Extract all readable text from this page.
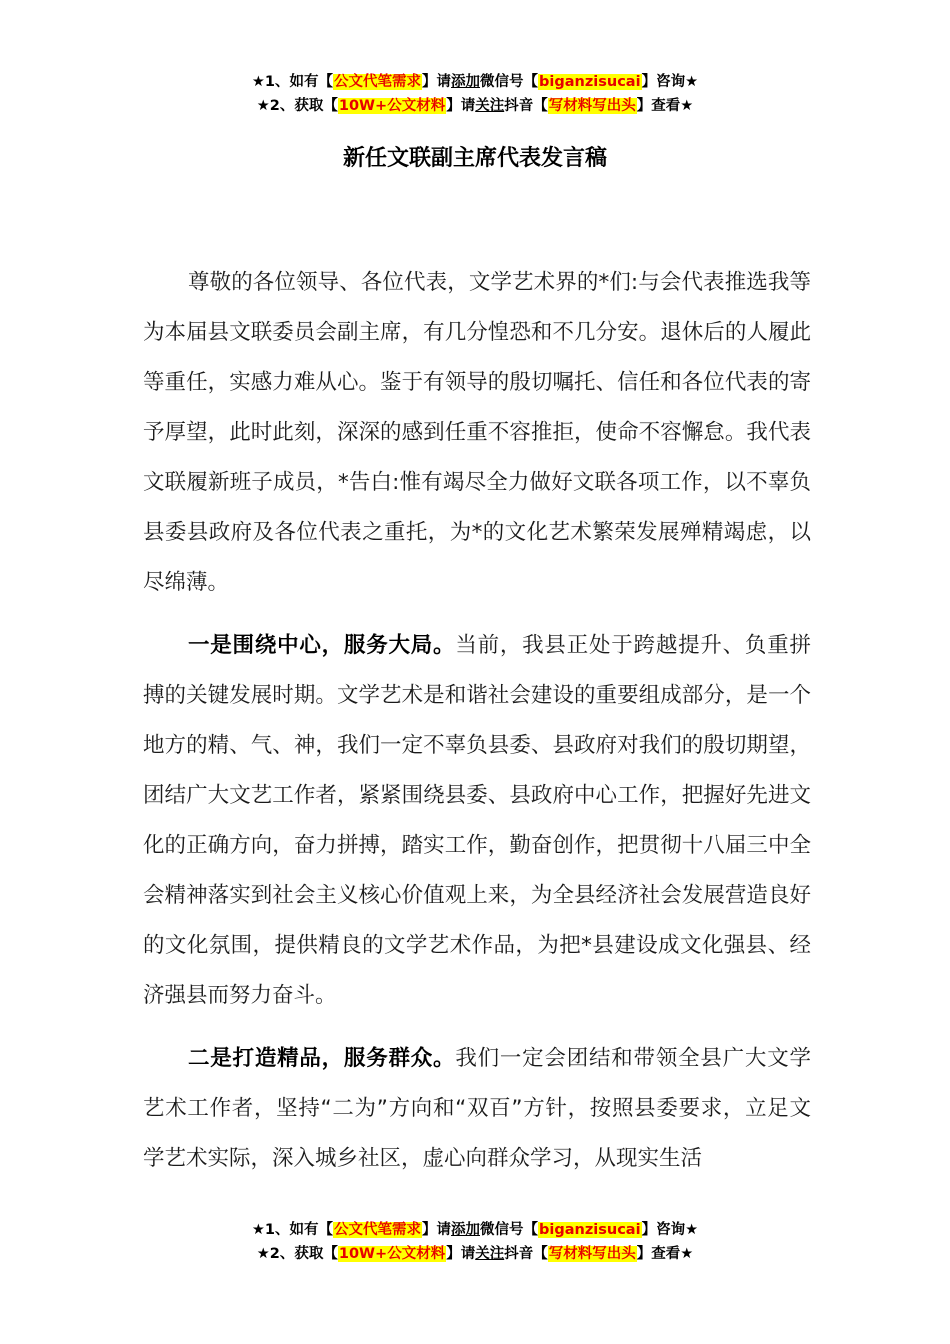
★1、如有【公文代笔需求】请添加微信号【biganzisucai】咨询★
★2、获取【10W+公文材料】请关注抖音【写材料写出头】查看★
新任文联副主席代表发言稿

尊敬的各位领导、各位代表，文学艺术界的*们:与会代表推选我等为本届县文联委员会副主席，有几分惶恐和不几分安。退休后的人履此等重任，实感力难从心。鉴于有领导的殷切嘱托、信任和各位代表的寄予厚望，此时此刻，深深的感到任重不容推拒，使命不容懈怠。我代表文联履新班子成员，*告白:惟有竭尽全力做好文联各项工作，以不辜负县委县政府及各位代表之重托，为*的文化艺术繁荣发展殚精竭虑，以尽绵薄。

一是围绕中心，服务大局。当前，我县正处于跨越提升、负重拼搏的关键发展时期。文学艺术是和谐社会建设的重要组成部分，是一个地方的精、气、神，我们一定不辜负县委、县政府对我们的殷切期望，团结广大文艺工作者，紧紧围绕县委、县政府中心工作，把握好先进文化的正确方向，奋力拼搏，踏实工作，勤奋创作，把贯彻十八届三中全会精神落实到社会主义核心价值观上来，为全县经济社会发展营造良好的文化氛围，提供精良的文学艺术作品，为把*县建设成文化强县、经济强县而努力奋斗。

二是打造精品，服务群众。我们一定会团结和带领全县广大文学艺术工作者，坚持“二为”方向和“双百”方针，按照县委要求，立足文学艺术实际，深入城乡社区，虚心向群众学习，从现实生活

★1、如有【公文代笔需求】请添加微信号【biganzisucai】咨询★
★2、获取【10W+公文材料】请关注抖音【写材料写出头】查看★
